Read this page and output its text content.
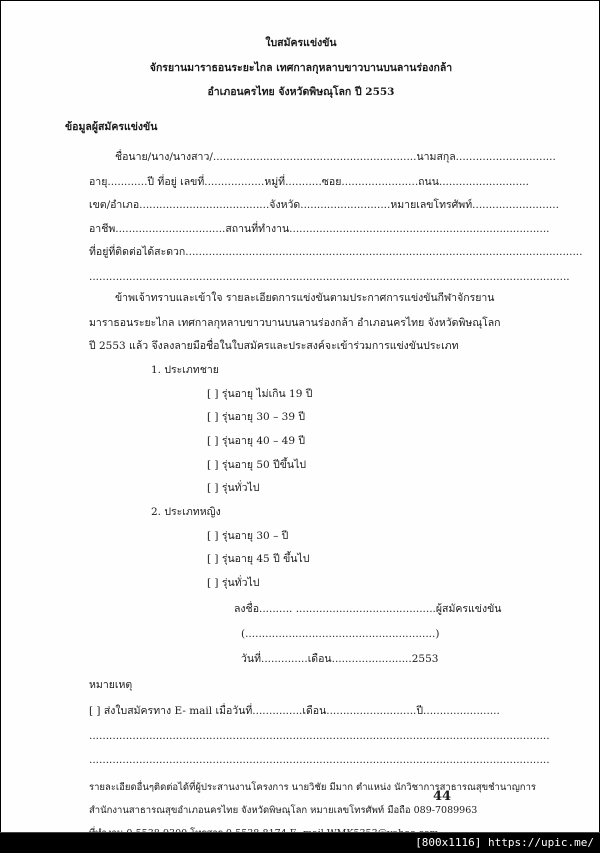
ใบสมัครแข่งขัน
จักรยานมาราธอนระยะไกล เทศกาลกุหลาบขาวบานบนลานร่องกล้า
อำเภอนครไทย จังหวัดพิษณุโลก ปี 2553
ข้อมูลผู้สมัครแข่งขัน
ชื่อนาย/นาง/นางสาว/.............................................................นามสกุล..............................
อายุ............ปี ที่อยู่ เลขที่..................หมู่ที่...........ซอย.......................ถนน...........................
เขต/อำเภอ.......................................จังหวัด...........................หมายเลขโทรศัพท์..........................
อาชีพ.................................สถานที่ทำงาน..............................................................................
ที่อยู่ที่ติดต่อได้สะดวก.......................................................................................................................
................................................................................................................................................
ข้าพเจ้าทราบและเข้าใจ รายละเอียดการแข่งขันตามประกาศการแข่งขันกีฬาจักรยาน
มาราธอนระยะไกล เทศกาลกุหลาบขาวบานบนลานร่องกล้า อำเภอนครไทย จังหวัดพิษณุโลก
ปี 2553 แล้ว จึงลงลายมือชื่อในใบสมัครและประสงค์จะเข้าร่วมการแข่งขันประเภท
1. ประเภทชาย
[ ] รุ่นอายุ ไม่เกิน 19 ปี
[ ] รุ่นอายุ 30 – 39 ปี
[ ] รุ่นอายุ 40 – 49 ปี
[ ] รุ่นอายุ 50 ปีขึ้นไป
[ ] รุ่นทั่วไป
2. ประเภทหญิง
[ ] รุ่นอายุ 30 – ปี
[ ] รุ่นอายุ 45 ปี ขึ้นไป
[ ] รุ่นทั่วไป
ลงชื่อ.......... ..........................................ผู้สมัครแข่งขัน
(.........................................................)
วันที่..............เดือน........................2553
หมายเหตุ
[ ] ส่งใบสมัครทาง E- mail เมื่อวันที่...............เดือน...........................ปี.......................
..........................................................................................................................................
..........................................................................................................................................
รายละเอียดอื่นๆติดต่อได้ที่ผู้ประสานงานโครงการ นายวิชัย มีมาก ตำแหน่ง นักวิชาการสาธารณสุขชำนาญการ
สำนักงานสาธารณสุขอำเภอนครไทย จังหวัดพิษณุโลก หมายเลขโทรศัพท์ มือถือ 089-7089963
44
[800x1116] https://upic.me/
